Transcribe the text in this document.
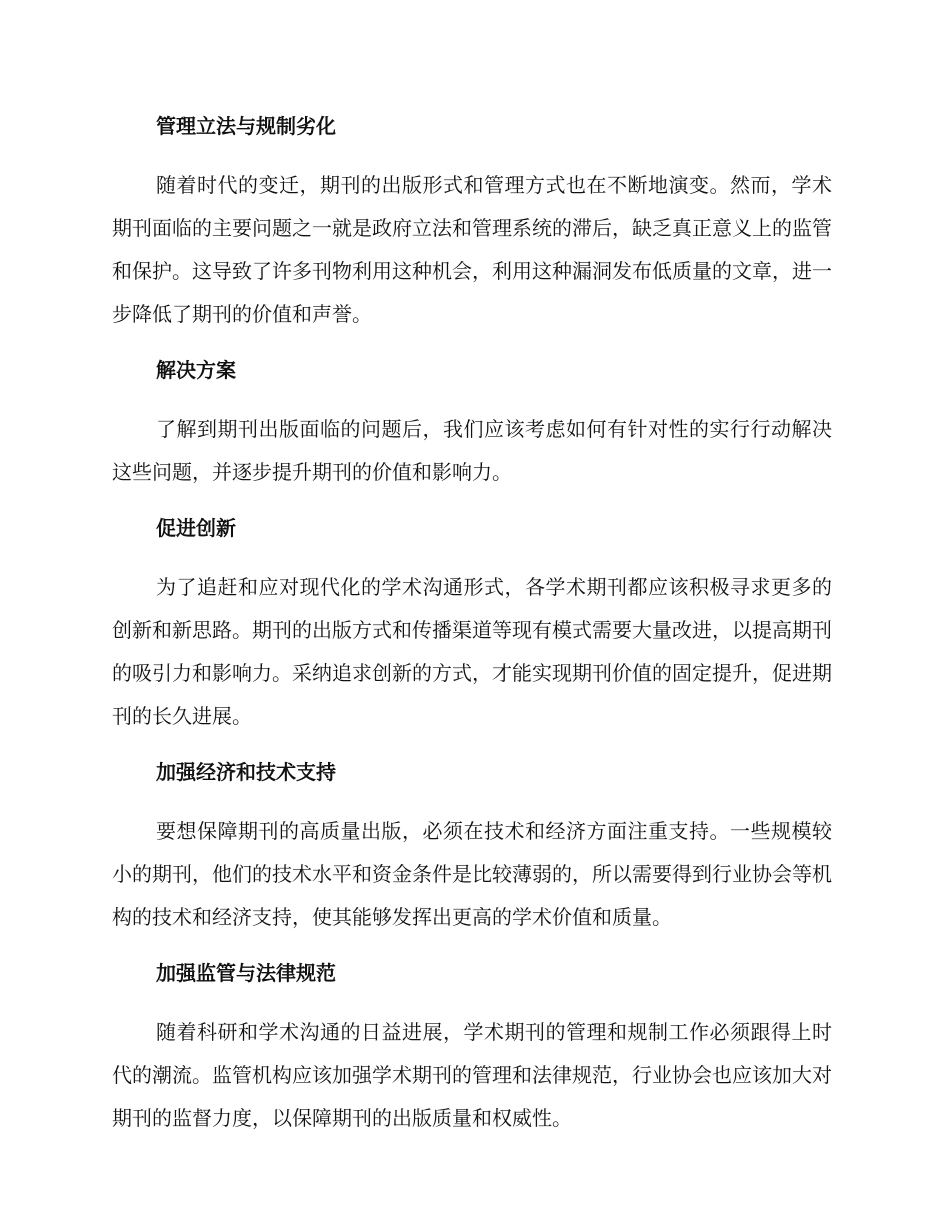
管理立法与规制劣化

随着时代的变迁，期刊的出版形式和管理方式也在不断地演变。然而，学术期刊面临的主要问题之一就是政府立法和管理系统的滞后，缺乏真正意义上的监管和保护。这导致了许多刊物利用这种机会，利用这种漏洞发布低质量的文章，进一步降低了期刊的价值和声誉。

解决方案

了解到期刊出版面临的问题后，我们应该考虑如何有针对性的实行行动解决这些问题，并逐步提升期刊的价值和影响力。

促进创新

为了追赶和应对现代化的学术沟通形式，各学术期刊都应该积极寻求更多的创新和新思路。期刊的出版方式和传播渠道等现有模式需要大量改进，以提高期刊的吸引力和影响力。采纳追求创新的方式，才能实现期刊价值的固定提升，促进期刊的长久进展。

加强经济和技术支持

要想保障期刊的高质量出版，必须在技术和经济方面注重支持。一些规模较小的期刊，他们的技术水平和资金条件是比较薄弱的，所以需要得到行业协会等机构的技术和经济支持，使其能够发挥出更高的学术价值和质量。

加强监管与法律规范

随着科研和学术沟通的日益进展，学术期刊的管理和规制工作必须跟得上时代的潮流。监管机构应该加强学术期刊的管理和法律规范，行业协会也应该加大对期刊的监督力度，以保障期刊的出版质量和权威性。
